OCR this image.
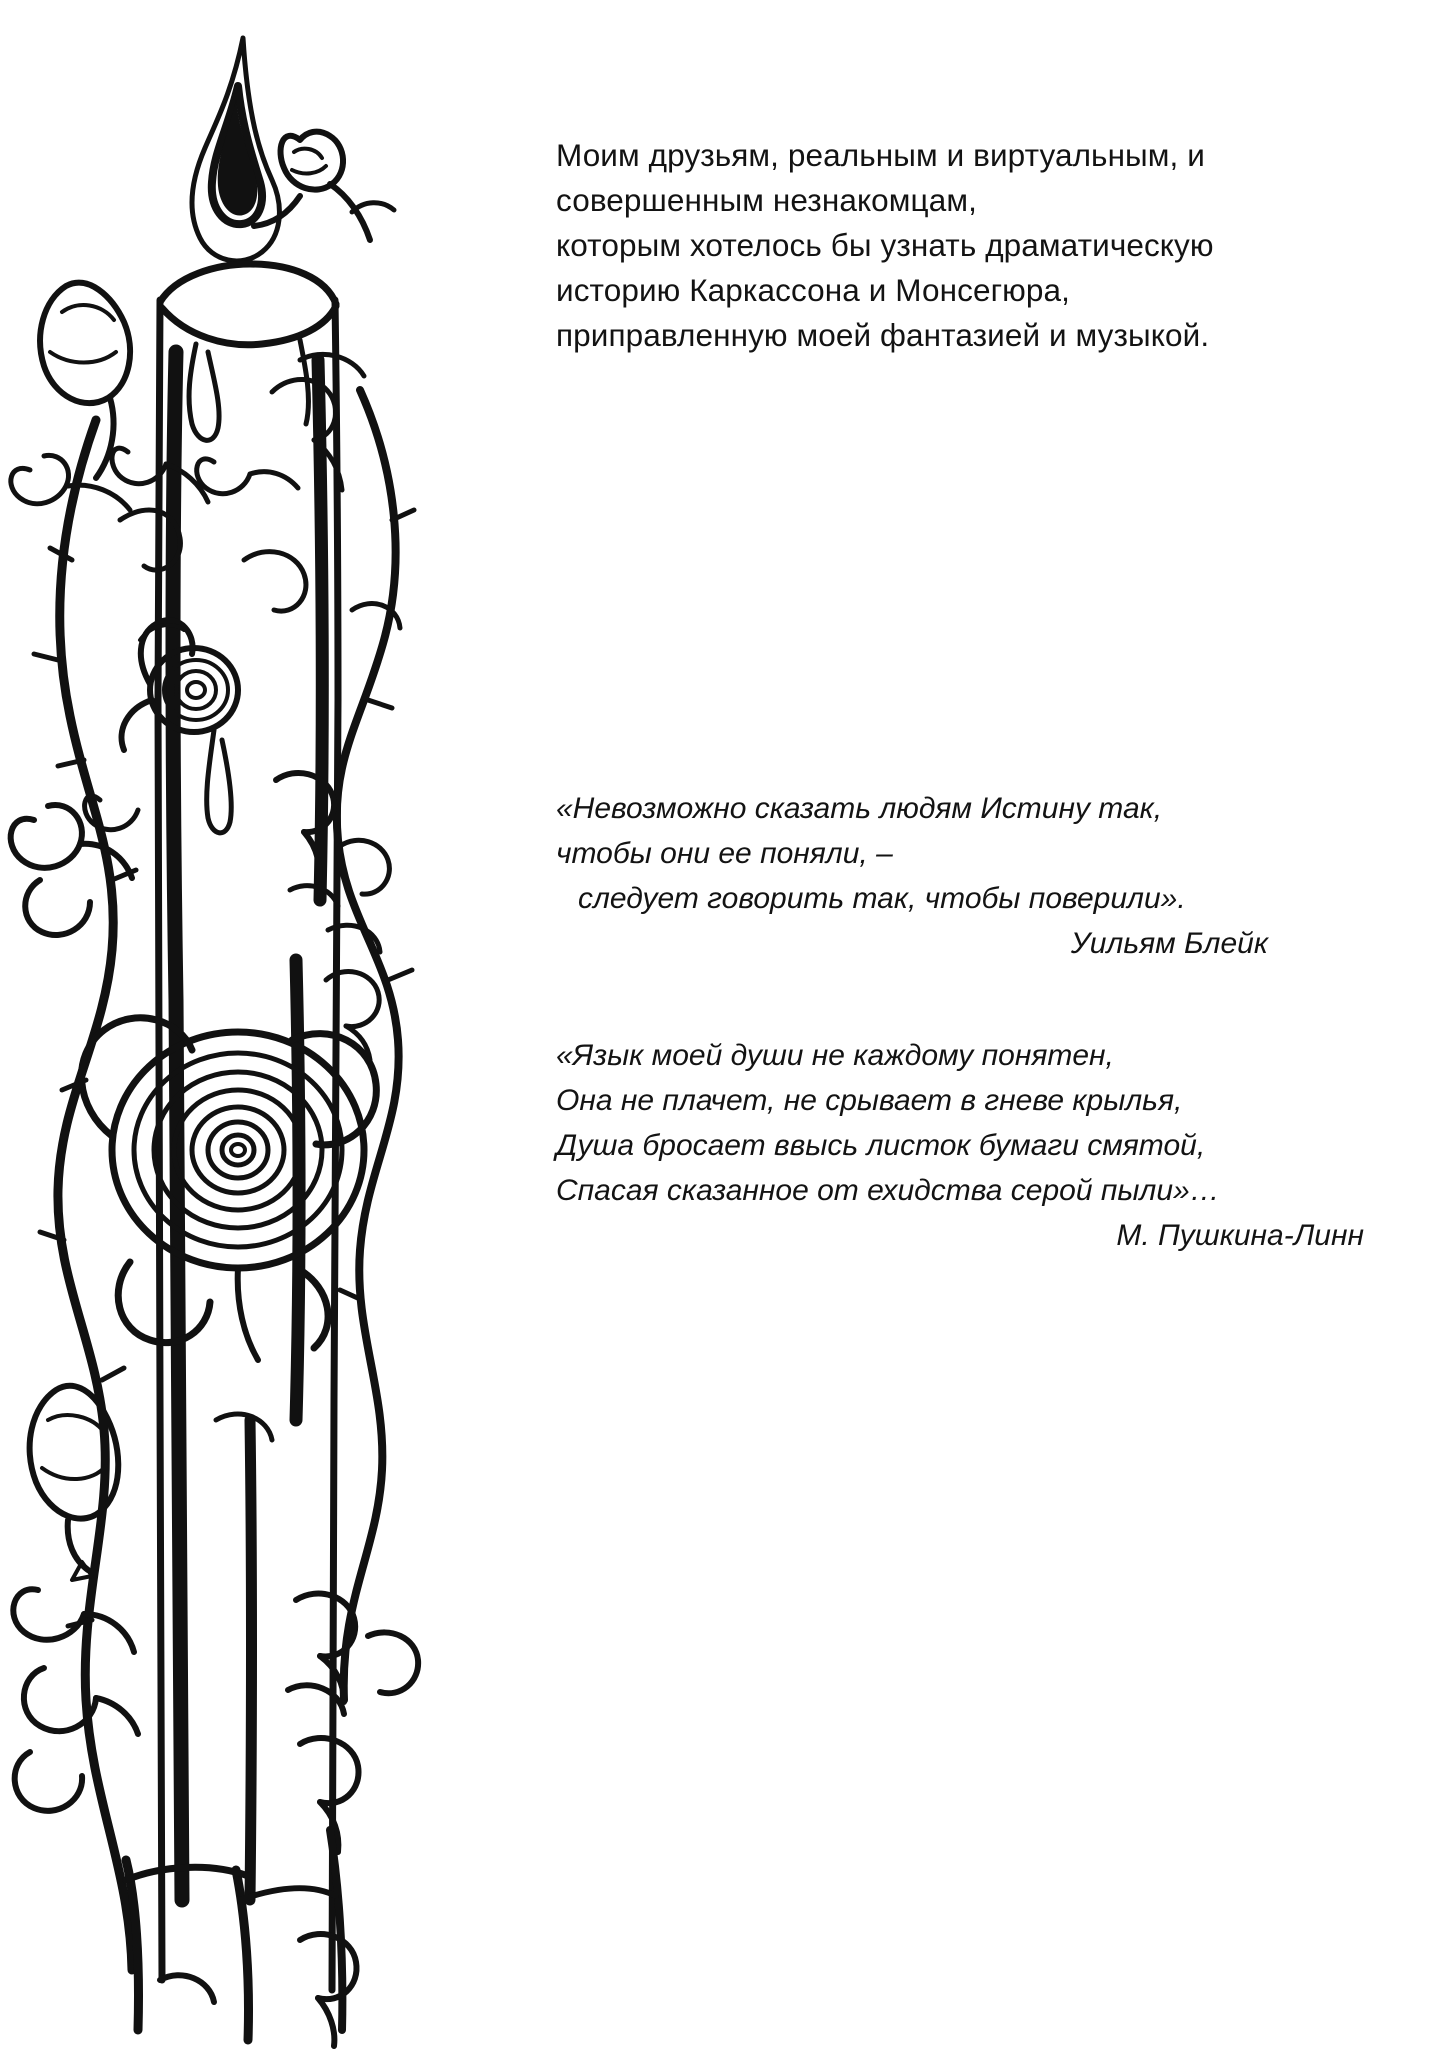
Моим друзьям, реальным и виртуальным, и
совершенным незнакомцам,
которым хотелось бы узнать драматическую
историю Каркассона и Монсегюра,
приправленную моей фантазией и музыкой.
«Невозможно сказать людям Истину так,
чтобы они ее поняли, –
следует говорить так, чтобы поверили».
Уильям Блейк
«Язык моей души не каждому понятен,
Она не плачет, не срывает в гневе крылья,
Душа бросает ввысь листок бумаги смятой,
Спасая сказанное от ехидства серой пыли»…
М. Пушкина-Линн
